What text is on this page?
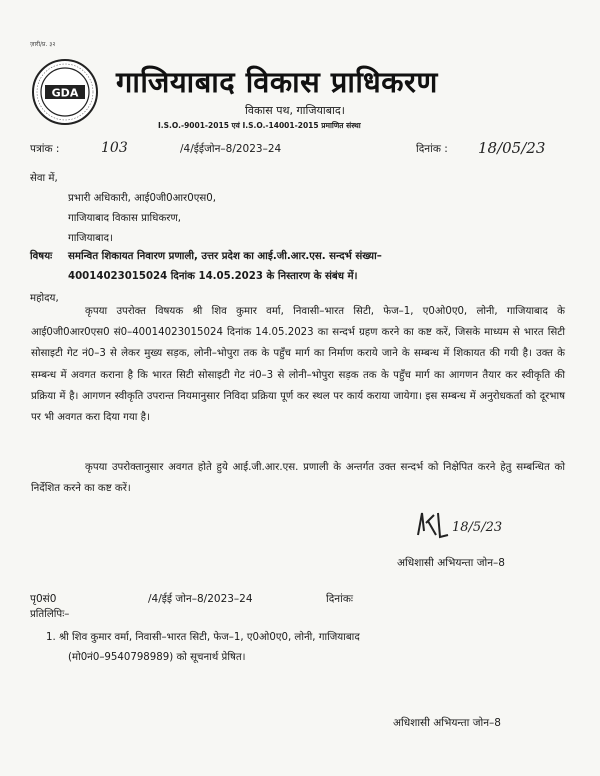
ज़ारी/प्र. ३२
GDA गाजियाबाद विकास प्राधिकरण
विकास पथ, गाजियाबाद।
I.S.O.-9001-2015 एवं I.S.O.-14001-2015 प्रमाणित संस्था
पत्रांक :	103	/4/ईईजोन–8/2023–24	दिनांक : 18/05/23
सेवा में,
प्रभारी अधिकारी, आई0जी0आर0एस0,
गाजियाबाद विकास प्राधिकरण,
गाजियाबाद।
विषयः समन्वित शिकायत निवारण प्रणाली, उत्तर प्रदेश का आई.जी.आर.एस. सन्दर्भ संख्या–
40014023015024 दिनांक 14.05.2023 के निस्तारण के संबंध में।
महोदय,
कृपया उपरोक्त विषयक श्री शिव कुमार वर्मा, निवासी–भारत सिटी, फेज–1, ए0ओ0ए0, लोनी, गाजियाबाद के आई0जी0आर0एस0 सं0–40014023015024 दिनांक 14.05.2023 का सन्दर्भ ग्रहण करने का कष्ट करें, जिसके माध्यम से भारत सिटी सोसाइटी गेट नं0–3 से लेकर मुख्य सड़क, लोनी–भोपुरा तक के पहुँच मार्ग का निर्माण कराये जाने के सम्बन्ध में शिकायत की गयी है। उक्त के सम्बन्ध में अवगत कराना है कि भारत सिटी सोसाइटी गेट नं0–3 से लोनी–भोपुरा सड़क तक के पहुँच मार्ग का आगणन तैयार कर स्वीकृति की प्रक्रिया में है। आगणन स्वीकृति उपरान्त नियमानुसार निविदा प्रक्रिया पूर्ण कर स्थल पर कार्य कराया जायेगा। इस सम्बन्ध में अनुरोधकर्ता को दूरभाष पर भी अवगत करा दिया गया है।
कृपया उपरोक्तानुसार अवगत होते हुये आई.जी.आर.एस. प्रणाली के अन्तर्गत उक्त सन्दर्भ को निक्षेपित करने हेतु सम्बन्धित को निर्देशित करने का कष्ट करें।
18/5/23
अधिशासी अभियन्ता जोन–8
पृ0सं0	/4/ईई जोन–8/2023–24	दिनांकः
प्रतिलिपिः–
1. श्री शिव कुमार वर्मा, निवासी–भारत सिटी, फेज–1, ए0ओ0ए0, लोनी, गाजियाबाद
(मो0नं0–9540798989) को सूचनार्थ प्रेषित।
अधिशासी अभियन्ता जोन–8
